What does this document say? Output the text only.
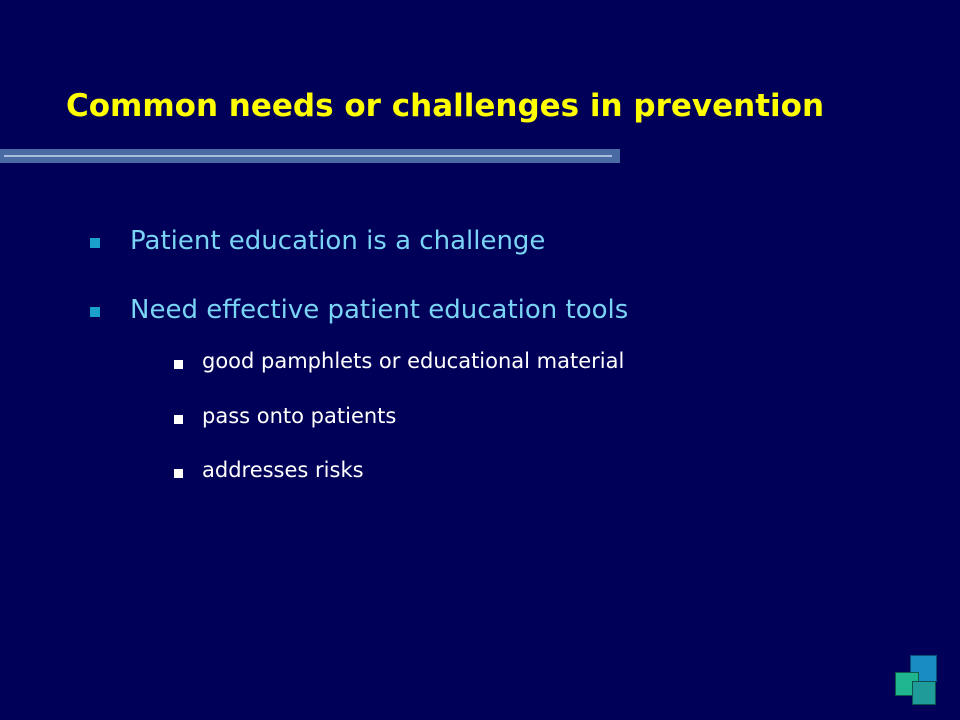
Common needs or challenges in prevention
Patient education is a challenge
Need effective patient education tools
good pamphlets or educational material
pass onto patients
addresses risks
